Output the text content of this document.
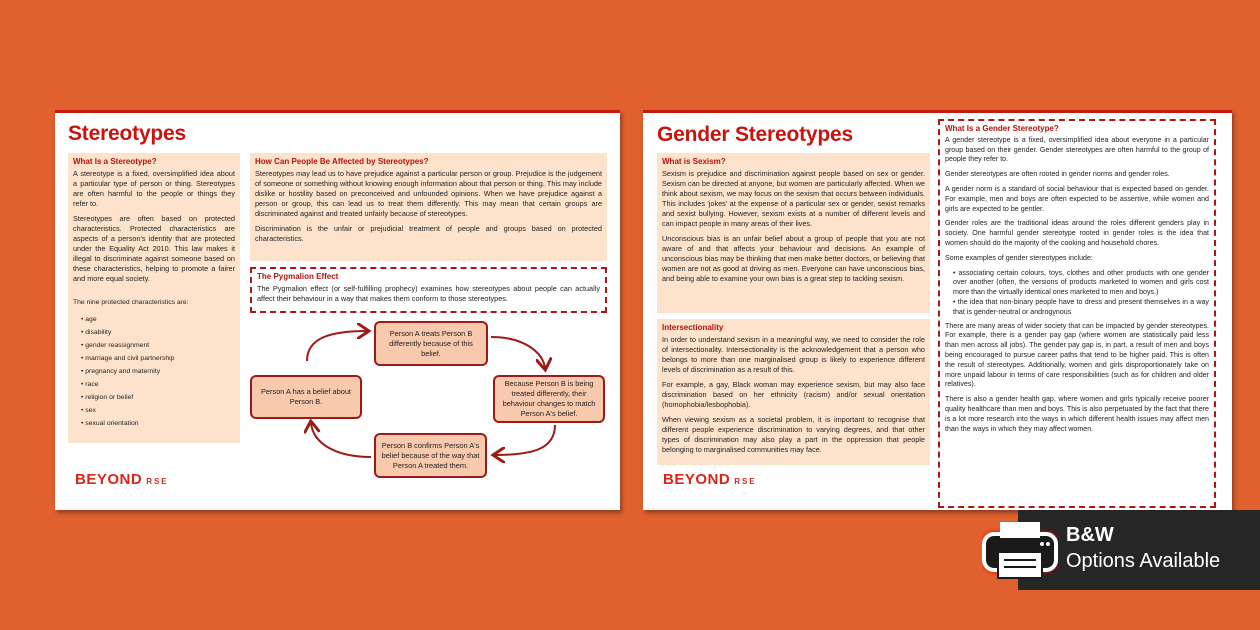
Stereotypes
What Is a Stereotype?

A stereotype is a fixed, oversimplified idea about a particular type of person or thing. Stereotypes are often harmful to the people or things they refer to.

Stereotypes are often based on protected characteristics. Protected characteristics are aspects of a person's identity that are protected under the Equality Act 2010. This law makes it illegal to discriminate against someone based on these characteristics, helping to promote a fairer and more equal society.

The nine protected characteristics are:

• age
• disability
• gender reassignment
• marriage and civil partnership
• pregnancy and maternity
• race
• religion or belief
• sex
• sexual orientation
How Can People Be Affected by Stereotypes?

Stereotypes may lead us to have prejudice against a particular person or group. Prejudice is the judgement of someone or something without knowing enough information about that person or thing. This may include dislike or hostility based on preconceived and unfounded opinions. When we have prejudice against a person or group, this can lead us to treat them differently. This may mean that certain groups are discriminated against and treated unfairly because of stereotypes.

Discrimination is the unfair or prejudicial treatment of people and groups based on protected characteristics.

The Pygmalion Effect

The Pygmalion effect (or self-fulfilling prophecy) examines how stereotypes about people can actually affect their behaviour in a way that makes them conform to those stereotypes.

Person A treats Person B differently because of this belief.
Because Person B is being treated differently, their behaviour changes to match Person A's belief.
Person B confirms Person A's belief because of the way that Person A treated them.
Person A has a belief about Person B.
BEYOND RSE
Gender Stereotypes
What is Sexism?

Sexism is prejudice and discrimination against people based on sex or gender. Sexism can be directed at anyone, but women are particularly affected. When we think about sexism, we may focus on the sexism that occurs between individuals. This includes 'jokes' at the expense of a particular sex or gender, sexist remarks and sexist bullying. However, sexism exists at a number of different levels and can impact people in many areas of their lives.

Unconscious bias is an unfair belief about a group of people that you are not aware of and that affects your behaviour and decisions. An example of unconscious bias may be thinking that men make better doctors, or believing that women are not as good at driving as men. Everyone can have unconscious bias, and being able to examine your own bias is a great step to tackling sexism.

Intersectionality

In order to understand sexism in a meaningful way, we need to consider the role of intersectionality. Intersectionality is the acknowledgement that a person who belongs to more than one marginalised group is likely to experience different levels of discrimination as a result of this.

For example, a gay, Black woman may experience sexism, but may also face discrimination based on her ethnicity (racism) and/or sexual orientation (homophobia/lesbophobia).

When viewing sexism as a societal problem, it is important to recognise that different people experience discrimination to varying degrees, and that other types of discrimination may also play a part in the oppression that people belonging to marginalised communities may face.

What Is a Gender Stereotype?

A gender stereotype is a fixed, oversimplified idea about everyone in a particular group based on their gender. Gender stereotypes are often harmful to the group of people they refer to.

Gender stereotypes are often rooted in gender norms and gender roles.

A gender norm is a standard of social behaviour that is expected based on gender. For example, men and boys are often expected to be assertive, while women and girls are expected to be gentler.

Gender roles are the traditional ideas around the roles different genders play in society. One harmful gender stereotype rooted in gender roles is the idea that women should do the majority of the cooking and household chores.

Some examples of gender stereotypes include:

• associating certain colours, toys, clothes and other products with one gender over another (often, the versions of products marketed to women and girls cost more than the virtually identical ones marketed to men and boys.)
• the idea that non-binary people have to dress and present themselves in a way that is gender-neutral or androgynous

There are many areas of wider society that can be impacted by gender stereotypes. For example, there is a gender pay gap (where women are statistically paid less than men across all jobs). The gender pay gap is, in part, a result of men and boys being encouraged to pursue career paths that tend to be higher paid. This is often the result of stereotypes. Additionally, women and girls disproportionately take on more unpaid labour in terms of care responsibilities (such as for children and older relatives).

There is also a gender health gap, where women and girls typically receive poorer quality healthcare than men and boys. This is also perpetuated by the fact that there is a lot more research into the ways in which different health issues may affect men than the ways in which they may affect women.

BEYOND RSE
B&W
Options Available
